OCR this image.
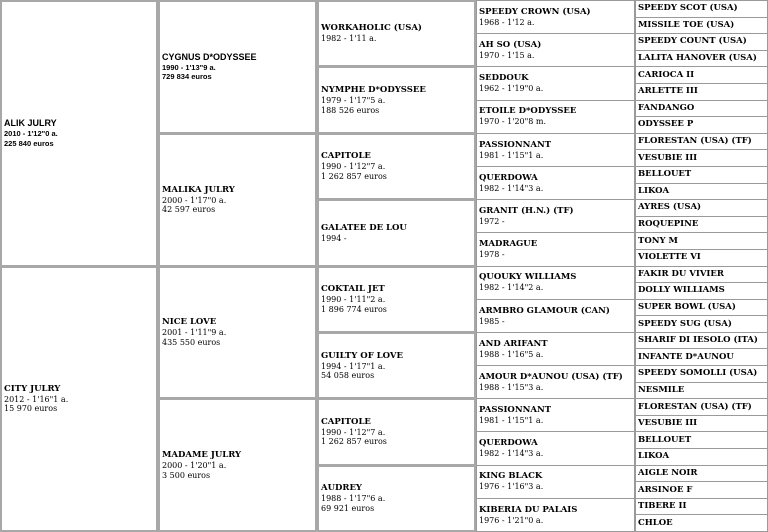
ALIK JULRY
2010 - 1'12"0 a.
225 840 euros
CITY JULRY
2012 - 1'16"1 a.
15 970 euros
CYGNUS D*ODYSSEE
1990 - 1'13"9 a.
729 834 euros
MALIKA JULRY
2000 - 1'17"0 a.
42 597 euros
NICE LOVE
2001 - 1'11"9 a.
435 550 euros
MADAME JULRY
2000 - 1'20"1 a.
3 500 euros
WORKAHOLIC (USA)
1982 - 1'11 a.
NYMPHE D*ODYSSEE
1979 - 1'17"5 a.
188 526 euros
CAPITOLE
1990 - 1'12"7 a.
1 262 857 euros
GALATEE DE LOU
1994 -
COKTAIL JET
1990 - 1'11"2 a.
1 896 774 euros
GUILTY OF LOVE
1994 - 1'17"1 a.
54 058 euros
CAPITOLE
1990 - 1'12"7 a.
1 262 857 euros
AUDREY
1988 - 1'17"6 a.
69 921 euros
SPEEDY CROWN (USA)
1968 - 1'12 a.
AH SO (USA)
1970 - 1'15 a.
SEDDOUK
1962 - 1'19"0 a.
ETOILE D*ODYSSEE
1970 - 1'20"8 m.
PASSIONNANT
1981 - 1'15"1 a.
QUERDOWA
1982 - 1'14"3 a.
GRANIT (H.N.) (TF)
1972 -
MADRAGUE
1978 -
QUOUKY WILLIAMS
1982 - 1'14"2 a.
ARMBRO GLAMOUR (CAN)
1985 -
AND ARIFANT
1988 - 1'16"5 a.
AMOUR D*AUNOU (USA) (TF)
1988 - 1'15"3 a.
PASSIONNANT
1981 - 1'15"1 a.
QUERDOWA
1982 - 1'14"3 a.
KING BLACK
1976 - 1'16"3 a.
KIBERIA DU PALAIS
1976 - 1'21"0 a.
SPEEDY SCOT (USA)
MISSILE TOE (USA)
SPEEDY COUNT (USA)
LALITA HANOVER (USA)
CARIOCA II
ARLETTE III
FANDANGO
ODYSSEE P
FLORESTAN (USA) (TF)
VESUBIE III
BELLOUET
LIKOA
AYRES (USA)
ROQUEPINE
TONY M
VIOLETTE VI
FAKIR DU VIVIER
DOLLY WILLIAMS
SUPER BOWL (USA)
SPEEDY SUG (USA)
SHARIF DI IESOLO (ITA)
INFANTE D*AUNOU
SPEEDY SOMOLLI (USA)
NESMILE
FLORESTAN (USA) (TF)
VESUBIE III
BELLOUET
LIKOA
AIGLE NOIR
ARSINOE F
TIBERE II
CHLOE
